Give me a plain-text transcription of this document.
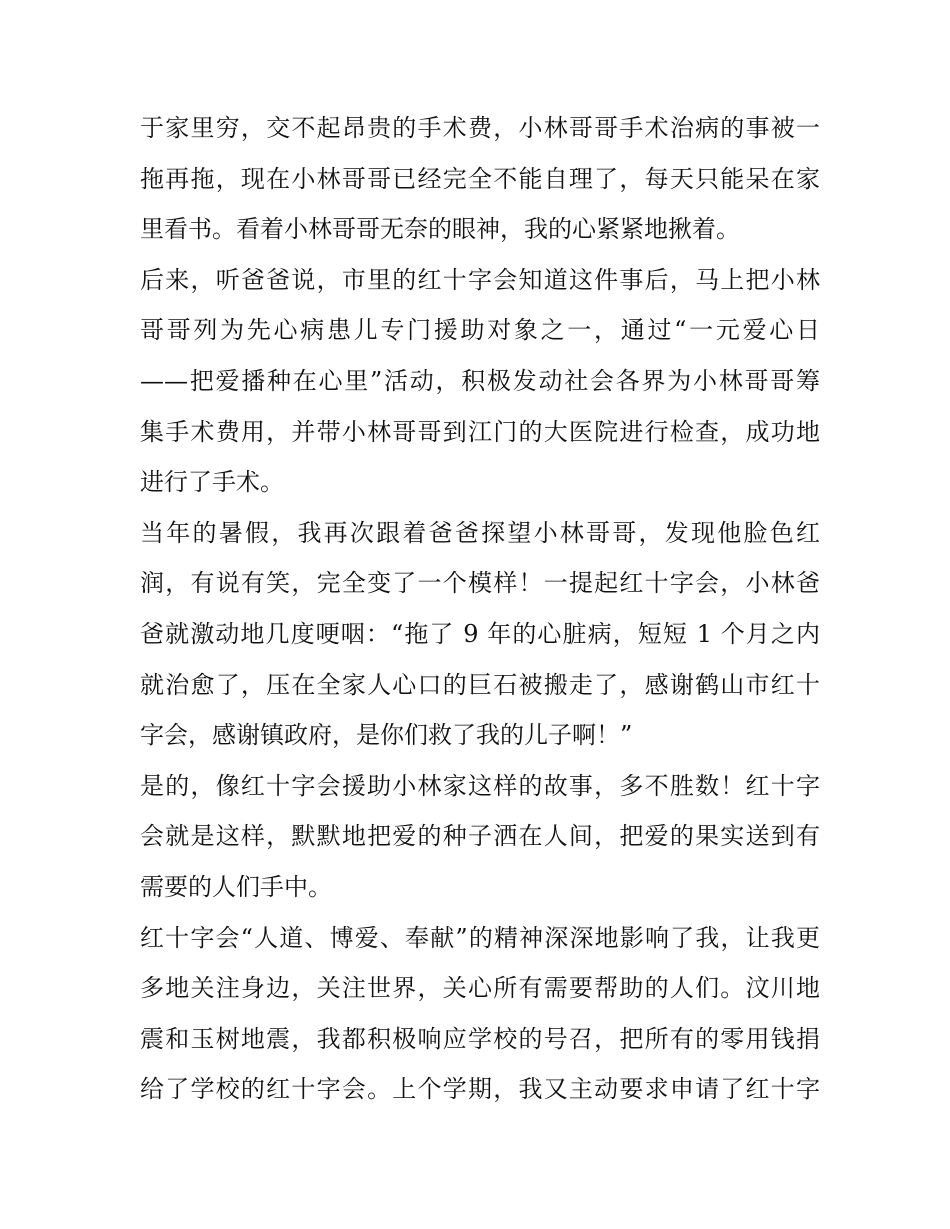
于家里穷，交不起昂贵的手术费，小林哥哥手术治病的事被一
拖再拖，现在小林哥哥已经完全不能自理了，每天只能呆在家
里看书。看着小林哥哥无奈的眼神，我的心紧紧地揪着。
后来，听爸爸说，市里的红十字会知道这件事后，马上把小林
哥哥列为先心病患儿专门援助对象之一，通过“一元爱心日
——把爱播种在心里”活动，积极发动社会各界为小林哥哥筹
集手术费用，并带小林哥哥到江门的大医院进行检查，成功地
进行了手术。
当年的暑假，我再次跟着爸爸探望小林哥哥，发现他脸色红
润，有说有笑，完全变了一个模样！一提起红十字会，小林爸
爸就激动地几度哽咽：“拖了 9 年的心脏病，短短 1 个月之内
就治愈了，压在全家人心口的巨石被搬走了，感谢鹤山市红十
字会，感谢镇政府，是你们救了我的儿子啊！”
是的，像红十字会援助小林家这样的故事，多不胜数！红十字
会就是这样，默默地把爱的种子洒在人间，把爱的果实送到有
需要的人们手中。
红十字会“人道、博爱、奉献”的精神深深地影响了我，让我更
多地关注身边，关注世界，关心所有需要帮助的人们。汶川地
震和玉树地震，我都积极响应学校的号召，把所有的零用钱捐
给了学校的红十字会。上个学期，我又主动要求申请了红十字
